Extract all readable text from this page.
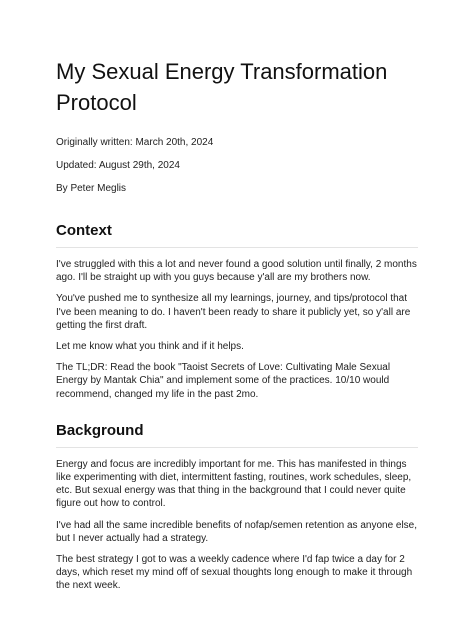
My Sexual Energy Transformation Protocol

Originally written: March 20th, 2024

Updated: August 29th, 2024

By Peter Meglis

Context

I've struggled with this a lot and never found a good solution until finally, 2 months ago. I'll be straight up with you guys because y'all are my brothers now.

You've pushed me to synthesize all my learnings, journey, and tips/protocol that I've been meaning to do. I haven't been ready to share it publicly yet, so y'all are getting the first draft.

Let me know what you think and if it helps.

The TL;DR: Read the book "Taoist Secrets of Love: Cultivating Male Sexual Energy by Mantak Chia" and implement some of the practices. 10/10 would recommend, changed my life in the past 2mo.

Background

Energy and focus are incredibly important for me. This has manifested in things like experimenting with diet, intermittent fasting, routines, work schedules, sleep, etc. But sexual energy was that thing in the background that I could never quite figure out how to control.

I've had all the same incredible benefits of nofap/semen retention as anyone else, but I never actually had a strategy.

The best strategy I got to was a weekly cadence where I'd fap twice a day for 2 days, which reset my mind off of sexual thoughts long enough to make it through the next week.
